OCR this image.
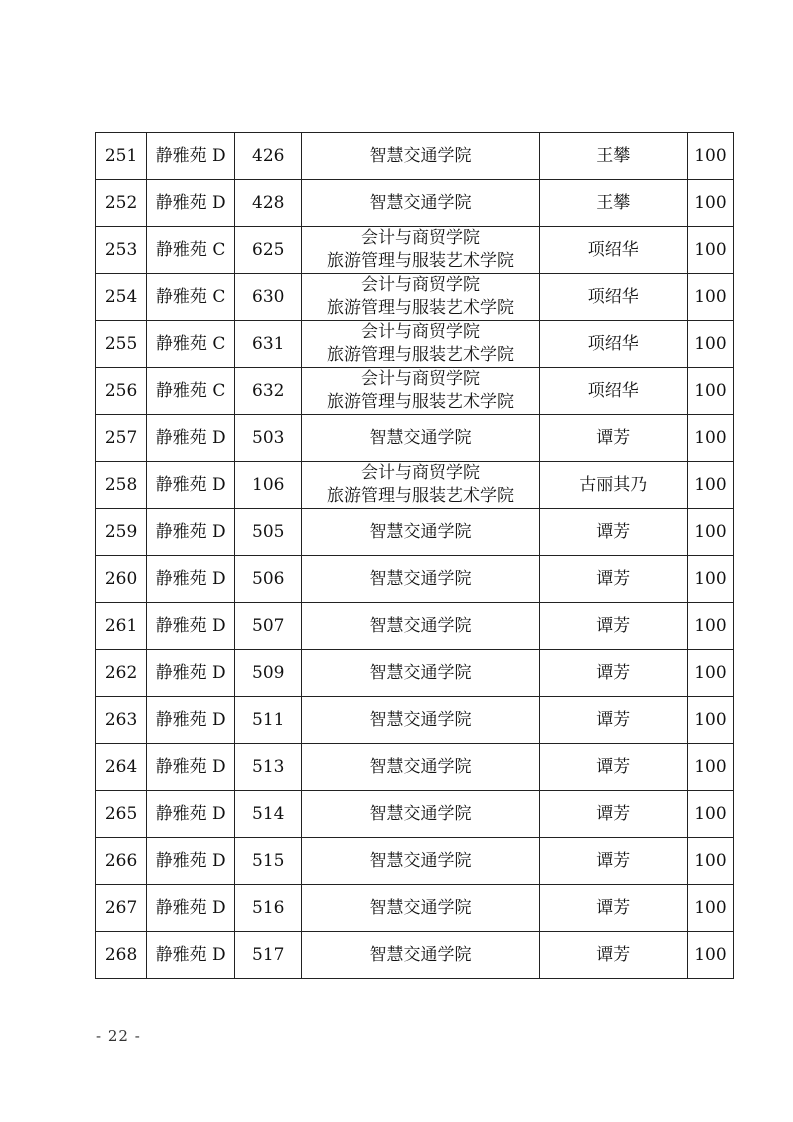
251	静雅苑 D	426	智慧交通学院	王攀	100
252	静雅苑 D	428	智慧交通学院	王攀	100
253	静雅苑 C	625	会计与商贸学院
旅游管理与服装艺术学院	项绍华	100
254	静雅苑 C	630	会计与商贸学院
旅游管理与服装艺术学院	项绍华	100
255	静雅苑 C	631	会计与商贸学院
旅游管理与服装艺术学院	项绍华	100
256	静雅苑 C	632	会计与商贸学院
旅游管理与服装艺术学院	项绍华	100
257	静雅苑 D	503	智慧交通学院	谭芳	100
258	静雅苑 D	106	会计与商贸学院
旅游管理与服装艺术学院	古丽其乃	100
259	静雅苑 D	505	智慧交通学院	谭芳	100
260	静雅苑 D	506	智慧交通学院	谭芳	100
261	静雅苑 D	507	智慧交通学院	谭芳	100
262	静雅苑 D	509	智慧交通学院	谭芳	100
263	静雅苑 D	511	智慧交通学院	谭芳	100
264	静雅苑 D	513	智慧交通学院	谭芳	100
265	静雅苑 D	514	智慧交通学院	谭芳	100
266	静雅苑 D	515	智慧交通学院	谭芳	100
267	静雅苑 D	516	智慧交通学院	谭芳	100
268	静雅苑 D	517	智慧交通学院	谭芳	100
- 22 -
